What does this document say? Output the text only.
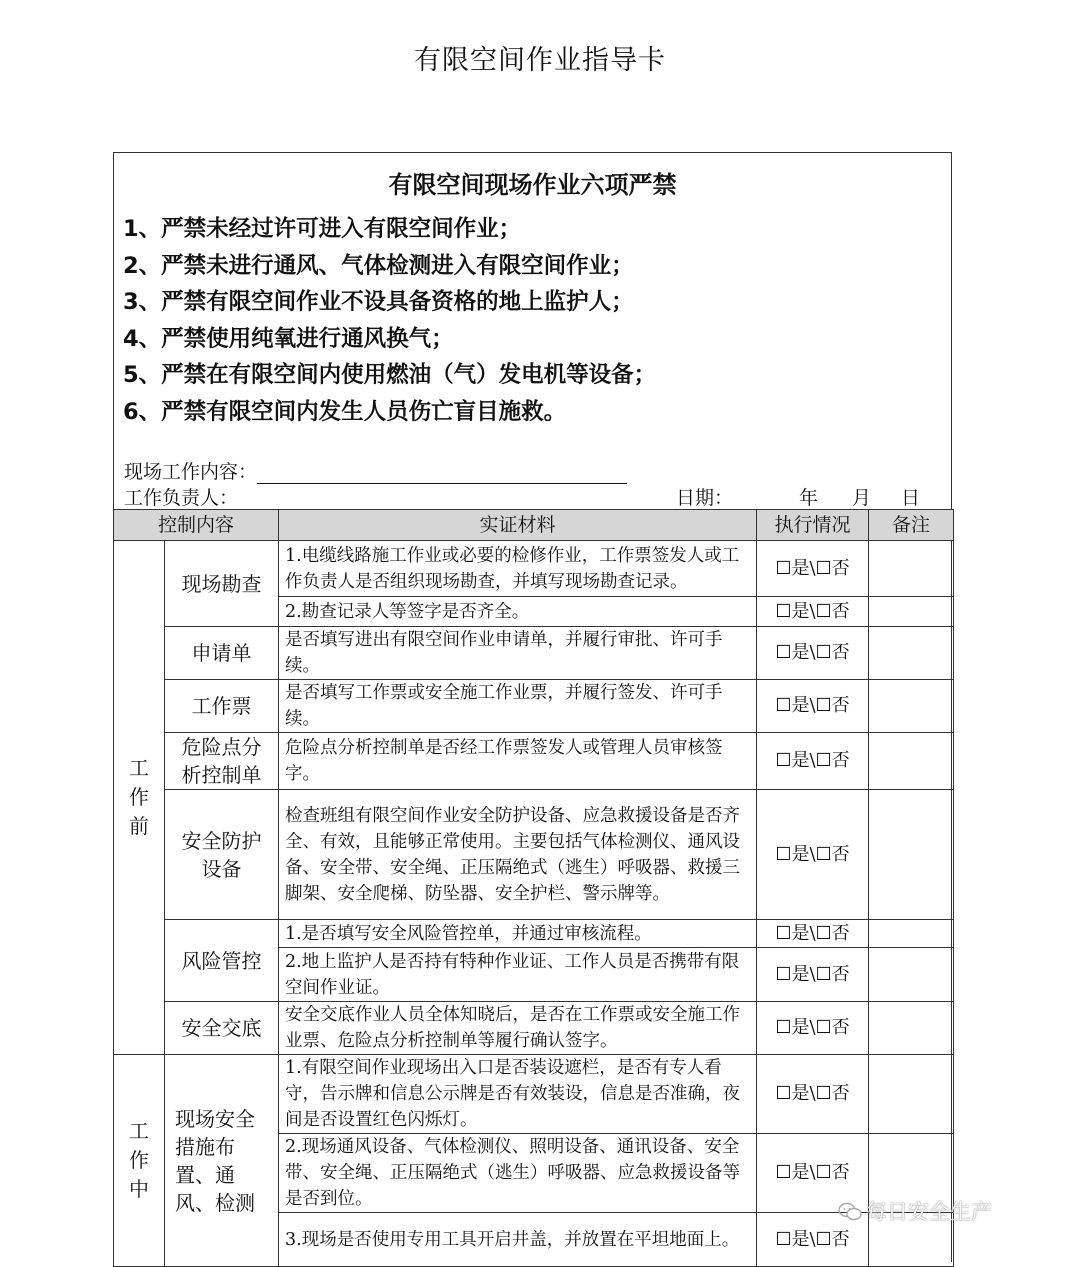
有限空间作业指导卡
有限空间现场作业六项严禁
1、严禁未经过许可进入有限空间作业；
2、严禁未进行通风、气体检测进入有限空间作业；
3、严禁有限空间作业不设具备资格的地上监护人；
4、严禁使用纯氧进行通风换气；
5、严禁在有限空间内使用燃油（气）发电机等设备；
6、严禁有限空间内发生人员伤亡盲目施救。
现场工作内容：
工作负责人：	日期：	年 月 日
控制内容		实证材料	执行情况	备注
工作前	现场勘查	1.电缆线路施工作业或必要的检修作业，工作票签发人或工作负责人是否组织现场勘查，并填写现场勘查记录。	☐是\☐否	
		2.勘查记录人等签字是否齐全。	☐是\☐否	
	申请单	是否填写进出有限空间作业申请单，并履行审批、许可手续。	☐是\☐否	
	工作票	是否填写工作票或安全施工作业票，并履行签发、许可手续。	☐是\☐否	
	危险点分析控制单	危险点分析控制单是否经工作票签发人或管理人员审核签字。	☐是\☐否	
	安全防护设备	检查班组有限空间作业安全防护设备、应急救援设备是否齐全、有效，且能够正常使用。主要包括气体检测仪、通风设备、安全带、安全绳、正压隔绝式（逃生）呼吸器、救援三脚架、安全爬梯、防坠器、安全护栏、警示牌等。	☐是\☐否	
	风险管控	1.是否填写安全风险管控单，并通过审核流程。	☐是\☐否	
		2.地上监护人是否持有特种作业证、工作人员是否携带有限空间作业证。	☐是\☐否	
	安全交底	安全交底作业人员全体知晓后，是否在工作票或安全施工作业票、危险点分析控制单等履行确认签字。	☐是\☐否	

工作中	现场安全措施布置、通风、检测	1.有限空间作业现场出入口是否装设遮栏，是否有专人看守，告示牌和信息公示牌是否有效装设，信息是否准确，夜间是否设置红色闪烁灯。	☐是\☐否	
		2.现场通风设备、气体检测仪、照明设备、通讯设备、安全带、安全绳、正压隔绝式（逃生）呼吸器、应急救援设备等是否到位。	☐是\☐否	
		3.现场是否使用专用工具开启井盖，并放置在平坦地面上。	☐是\☐否	
每日安全生产
